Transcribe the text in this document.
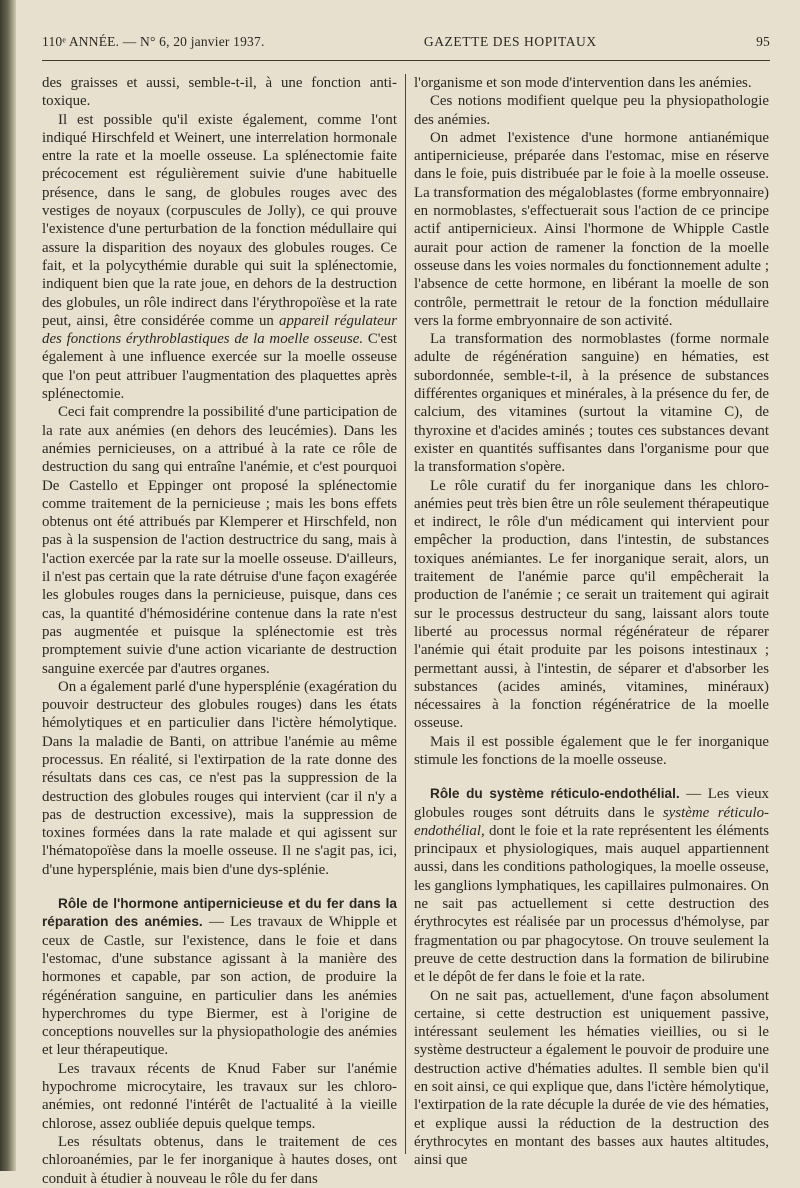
110ᵉ ANNÉE. — N° 6, 20 janvier 1937.	GAZETTE DES HOPITAUX	95

des graisses et aussi, semble-t-il, à une fonction anti-toxique.

Il est possible qu'il existe également, comme l'ont indiqué Hirschfeld et Weinert, une interrelation hormonale entre la rate et la moelle osseuse. La splénectomie faite précocement est régulièrement suivie d'une habituelle présence, dans le sang, de globules rouges avec des vestiges de noyaux (corpuscules de Jolly), ce qui prouve l'existence d'une perturbation de la fonction médullaire qui assure la disparition des noyaux des globules rouges. Ce fait, et la polycythémie durable qui suit la splénectomie, indiquent bien que la rate joue, en dehors de la destruction des globules, un rôle indirect dans l'érythropoïèse et la rate peut, ainsi, être considérée comme un appareil régulateur des fonctions érythroblastiques de la moelle osseuse. C'est également à une influence exercée sur la moelle osseuse que l'on peut attribuer l'augmentation des plaquettes après splénectomie.

Ceci fait comprendre la possibilité d'une participation de la rate aux anémies (en dehors des leucémies). Dans les anémies pernicieuses, on a attribué à la rate ce rôle de destruction du sang qui entraîne l'anémie, et c'est pourquoi De Castello et Eppinger ont proposé la splénectomie comme traitement de la pernicieuse ; mais les bons effets obtenus ont été attribués par Klemperer et Hirschfeld, non pas à la suspension de l'action destructrice du sang, mais à l'action exercée par la rate sur la moelle osseuse. D'ailleurs, il n'est pas certain que la rate détruise d'une façon exagérée les globules rouges dans la pernicieuse, puisque, dans ces cas, la quantité d'hémosidérine contenue dans la rate n'est pas augmentée et puisque la splénectomie est très promptement suivie d'une action vicariante de destruction sanguine exercée par d'autres organes.

On a également parlé d'une hypersplénie (exagération du pouvoir destructeur des globules rouges) dans les états hémolytiques et en particulier dans l'ictère hémolytique. Dans la maladie de Banti, on attribue l'anémie au même processus. En réalité, si l'extirpation de la rate donne des résultats dans ces cas, ce n'est pas la suppression de la destruction des globules rouges qui intervient (car il n'y a pas de destruction excessive), mais la suppression de toxines formées dans la rate malade et qui agissent sur l'hématopoïèse dans la moelle osseuse. Il ne s'agit pas, ici, d'une hypersplénie, mais bien d'une dys-splénie.

Rôle de l'hormone antipernicieuse et du fer dans la réparation des anémies. — Les travaux de Whipple et ceux de Castle, sur l'existence, dans le foie et dans l'estomac, d'une substance agissant à la manière des hormones et capable, par son action, de produire la régénération sanguine, en particulier dans les anémies hyperchromes du type Biermer, est à l'origine de conceptions nouvelles sur la physiopathologie des anémies et leur thérapeutique.

Les travaux récents de Knud Faber sur l'anémie hypochrome microcytaire, les travaux sur les chloro-anémies, ont redonné l'intérêt de l'actualité à la vieille chlorose, assez oubliée depuis quelque temps.

Les résultats obtenus, dans le traitement de ces chloroanémies, par le fer inorganique à hautes doses, ont conduit à étudier à nouveau le rôle du fer dans

l'organisme et son mode d'intervention dans les anémies.

Ces notions modifient quelque peu la physiopathologie des anémies.

On admet l'existence d'une hormone antianémique antipernicieuse, préparée dans l'estomac, mise en réserve dans le foie, puis distribuée par le foie à la moelle osseuse. La transformation des mégaloblastes (forme embryonnaire) en normoblastes, s'effectuerait sous l'action de ce principe actif antipernicieux. Ainsi l'hormone de Whipple Castle aurait pour action de ramener la fonction de la moelle osseuse dans les voies normales du fonctionnement adulte ; l'absence de cette hormone, en libérant la moelle de son contrôle, permettrait le retour de la fonction médullaire vers la forme embryonnaire de son activité.

La transformation des normoblastes (forme normale adulte de régénération sanguine) en hématies, est subordonnée, semble-t-il, à la présence de substances différentes organiques et minérales, à la présence du fer, de calcium, des vitamines (surtout la vitamine C), de thyroxine et d'acides aminés ; toutes ces substances devant exister en quantités suffisantes dans l'organisme pour que la transformation s'opère.

Le rôle curatif du fer inorganique dans les chloro-anémies peut très bien être un rôle seulement thérapeutique et indirect, le rôle d'un médicament qui intervient pour empêcher la production, dans l'intestin, de substances toxiques anémiantes. Le fer inorganique serait, alors, un traitement de l'anémie parce qu'il empêcherait la production de l'anémie ; ce serait un traitement qui agirait sur le processus destructeur du sang, laissant alors toute liberté au processus normal régénérateur de réparer l'anémie qui était produite par les poisons intestinaux ; permettant aussi, à l'intestin, de séparer et d'absorber les substances (acides aminés, vitamines, minéraux) nécessaires à la fonction régénératrice de la moelle osseuse.

Mais il est possible également que le fer inorganique stimule les fonctions de la moelle osseuse.

Rôle du système réticulo-endothélial. — Les vieux globules rouges sont détruits dans le système réticulo-endothélial, dont le foie et la rate représentent les éléments principaux et physiologiques, mais auquel appartiennent aussi, dans les conditions pathologiques, la moelle osseuse, les ganglions lymphatiques, les capillaires pulmonaires. On ne sait pas actuellement si cette destruction des érythrocytes est réalisée par un processus d'hémolyse, par fragmentation ou par phagocytose. On trouve seulement la preuve de cette destruction dans la formation de bilirubine et le dépôt de fer dans le foie et la rate.

On ne sait pas, actuellement, d'une façon absolument certaine, si cette destruction est uniquement passive, intéressant seulement les hématies vieillies, ou si le système destructeur a également le pouvoir de produire une destruction active d'hématies adultes. Il semble bien qu'il en soit ainsi, ce qui explique que, dans l'ictère hémolytique, l'extirpation de la rate décuple la durée de vie des hématies, et explique aussi la réduction de la destruction des érythrocytes en montant des basses aux hautes altitudes, ainsi que
